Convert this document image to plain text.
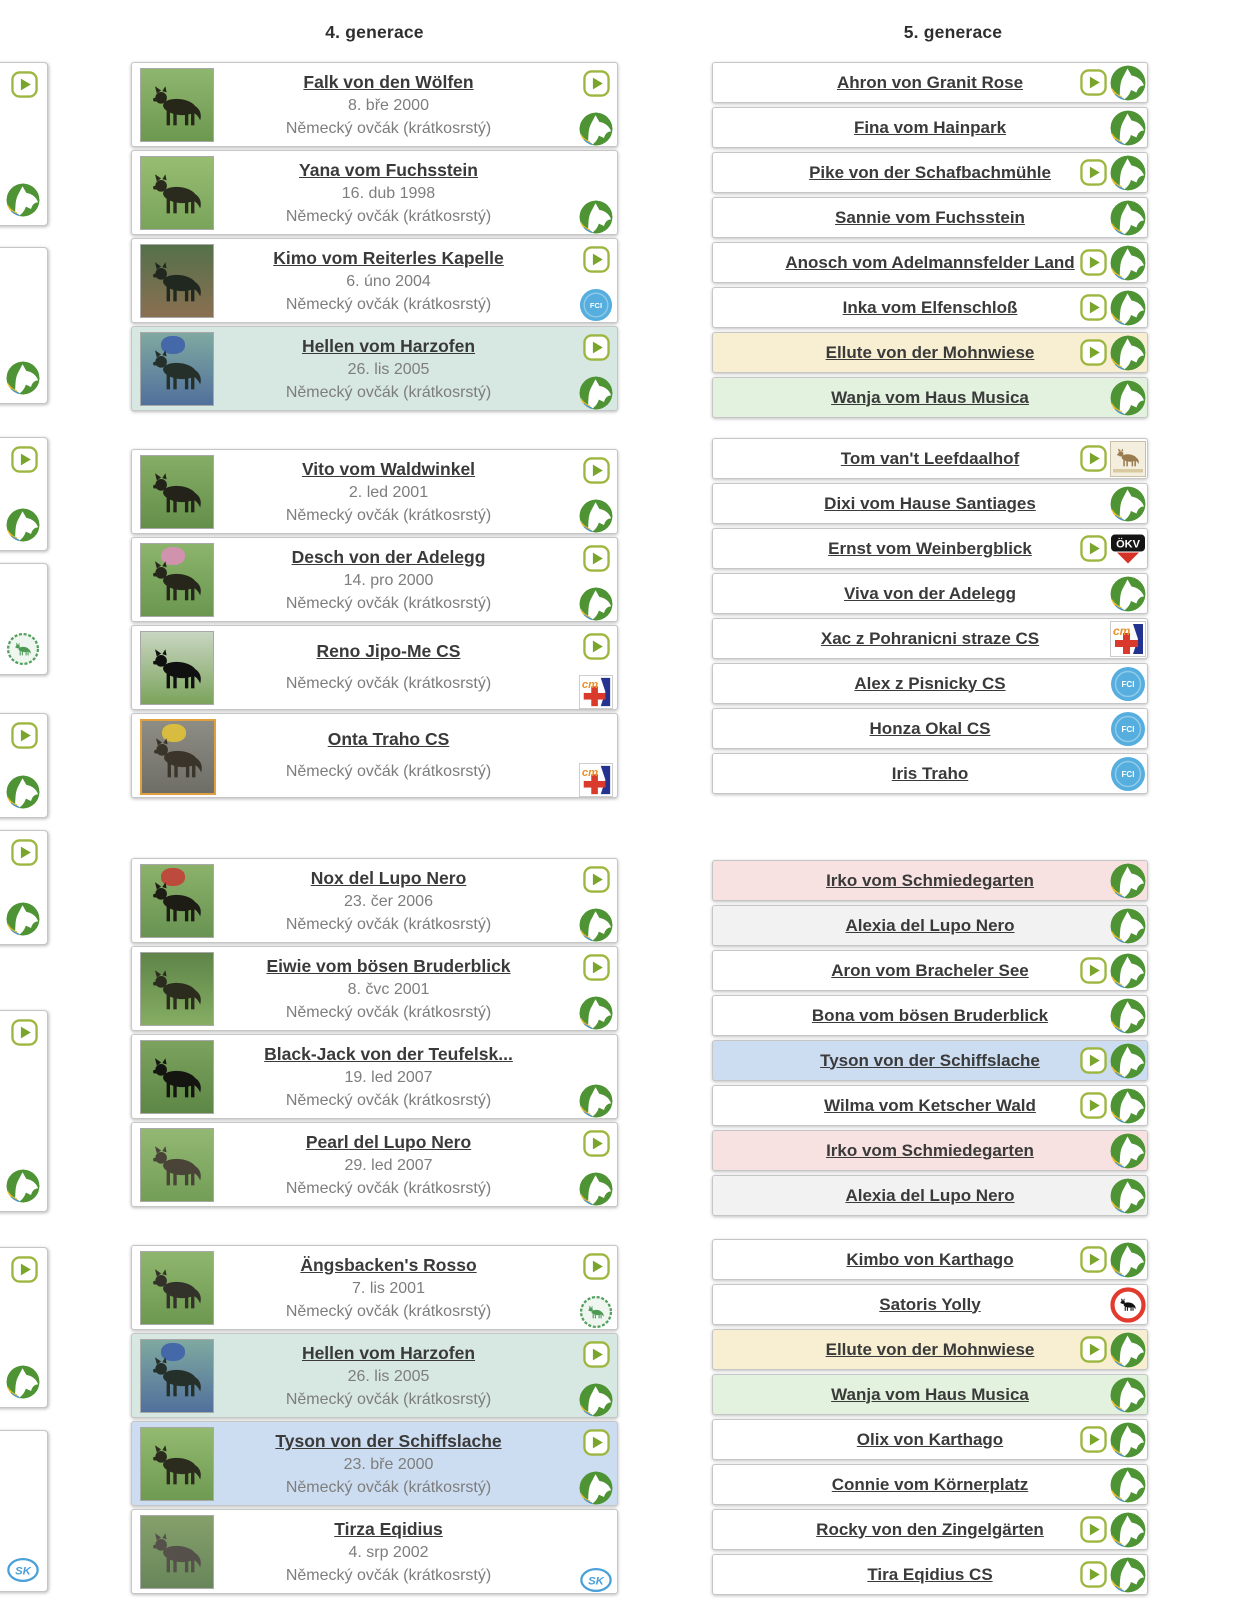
4. generace	5. generace
Falk von den Wölfen
8. bře 2000
Německý ovčák (krátkosrstý)
Yana vom Fuchsstein
16. dub 1998
Německý ovčák (krátkosrstý)
Kimo vom Reiterles Kapelle
6. úno 2004
Německý ovčák (krátkosrstý)
Hellen vom Harzofen
26. lis 2005
Německý ovčák (krátkosrstý)
Vito vom Waldwinkel
2. led 2001
Německý ovčák (krátkosrstý)
Desch von der Adelegg
14. pro 2000
Německý ovčák (krátkosrstý)
Reno Jipo-Me CS
Německý ovčák (krátkosrstý)
Onta Traho CS
Německý ovčák (krátkosrstý)
Nox del Lupo Nero
23. čer 2006
Německý ovčák (krátkosrstý)
Eiwie vom bösen Bruderblick
8. čvc 2001
Německý ovčák (krátkosrstý)
Black-Jack von der Teufelsk...
19. led 2007
Německý ovčák (krátkosrstý)
Pearl del Lupo Nero
29. led 2007
Německý ovčák (krátkosrstý)
Ängsbacken's Rosso
7. lis 2001
Německý ovčák (krátkosrstý)
Hellen vom Harzofen
26. lis 2005
Německý ovčák (krátkosrstý)
Tyson von der Schiffslache
23. bře 2000
Německý ovčák (krátkosrstý)
Tirza Eqidius
4. srp 2002
Německý ovčák (krátkosrstý)
Ahron von Granit Rose
Fina vom Hainpark
Pike von der Schafbachmühle
Sannie vom Fuchsstein
Anosch vom Adelmannsfelder Land
Inka vom Elfenschloß
Ellute von der Mohnwiese
Wanja vom Haus Musica
Tom van't Leefdaalhof
Dixi vom Hause Santiages
Ernst vom Weinbergblick
Viva von der Adelegg
Xac z Pohranicni straze CS
Alex z Pisnicky CS
Honza Okal CS
Iris Traho
Irko vom Schmiedegarten
Alexia del Lupo Nero
Aron vom Bracheler See
Bona vom bösen Bruderblick
Tyson von der Schiffslache
Wilma vom Ketscher Wald
Irko vom Schmiedegarten
Alexia del Lupo Nero
Kimbo von Karthago
Satoris Yolly
Ellute von der Mohnwiese
Wanja vom Haus Musica
Olix von Karthago
Connie vom Körnerplatz
Rocky von den Zingelgärten
Tira Eqidius CS
